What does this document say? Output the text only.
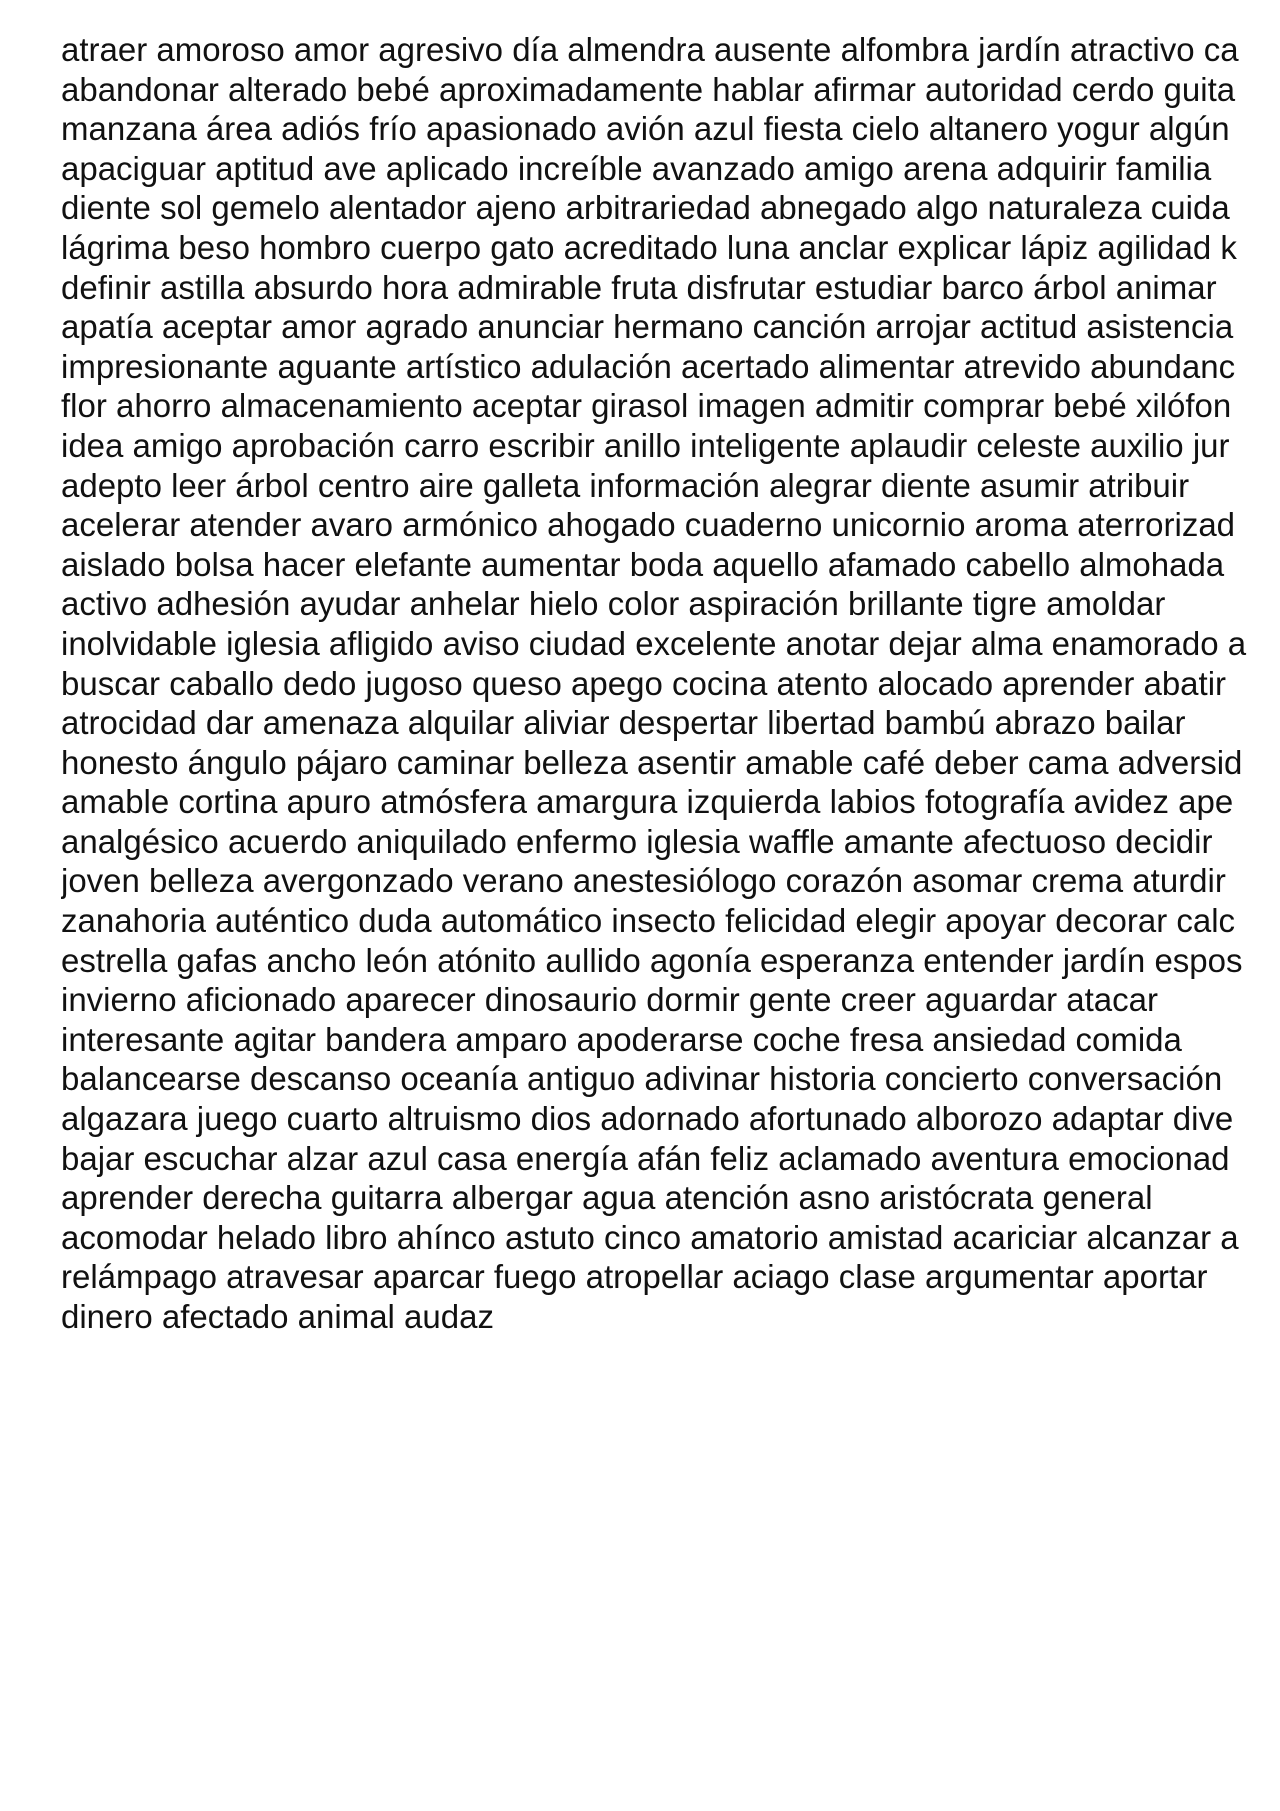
atraer amoroso amor agresivo día almendra ausente alfombra jardín atractivo ca
abandonar alterado bebé aproximadamente hablar afirmar autoridad cerdo guita
manzana área adiós frío apasionado avión azul fiesta cielo altanero yogur algún
apaciguar aptitud ave aplicado increíble avanzado amigo arena adquirir familia
diente sol gemelo alentador ajeno arbitrariedad abnegado algo naturaleza cuida
lágrima beso hombro cuerpo gato acreditado luna anclar explicar lápiz agilidad k
definir astilla absurdo hora admirable fruta disfrutar estudiar barco árbol animar
apatía aceptar amor agrado anunciar hermano canción arrojar actitud asistencia
impresionante aguante artístico adulación acertado alimentar atrevido abundanc
flor ahorro almacenamiento aceptar girasol imagen admitir comprar bebé xilófon
idea amigo aprobación carro escribir anillo inteligente aplaudir celeste auxilio jur
adepto leer árbol centro aire galleta información alegrar diente asumir atribuir
acelerar atender avaro armónico ahogado cuaderno unicornio aroma aterrorizad
aislado bolsa hacer elefante aumentar boda aquello afamado cabello almohada
activo adhesión ayudar anhelar hielo color aspiración brillante tigre amoldar
inolvidable iglesia afligido aviso ciudad excelente anotar dejar alma enamorado a
buscar caballo dedo jugoso queso apego cocina atento alocado aprender abatir
atrocidad dar amenaza alquilar aliviar despertar libertad bambú abrazo bailar
honesto ángulo pájaro caminar belleza asentir amable café deber cama adversid
amable cortina apuro atmósfera amargura izquierda labios fotografía avidez ape
analgésico acuerdo aniquilado enfermo iglesia waffle amante afectuoso decidir
joven belleza avergonzado verano anestesiólogo corazón asomar crema aturdir
zanahoria auténtico duda automático insecto felicidad elegir apoyar decorar calc
estrella gafas ancho león atónito aullido agonía esperanza entender jardín espos
invierno aficionado aparecer dinosaurio dormir gente creer aguardar atacar
interesante agitar bandera amparo apoderarse coche fresa ansiedad comida
balancearse descanso oceanía antiguo adivinar historia concierto conversación
algazara juego cuarto altruismo dios adornado afortunado alborozo adaptar dive
bajar escuchar alzar azul casa energía afán feliz aclamado aventura emocionad
aprender derecha guitarra albergar agua atención asno aristócrata general
acomodar helado libro ahínco astuto cinco amatorio amistad acariciar alcanzar a
relámpago atravesar aparcar fuego atropellar aciago clase argumentar aportar
dinero afectado animal audaz
